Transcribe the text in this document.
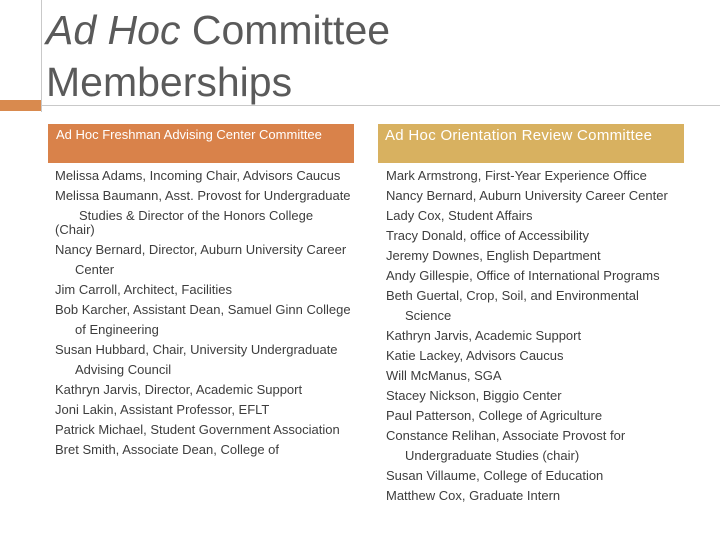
Ad Hoc Committee
Memberships
Ad Hoc Freshman Advising Center Committee	Ad Hoc Orientation Review Committee

Melissa Adams, Incoming Chair, Advisors Caucus

Melissa Baumann, Asst. Provost for Undergraduate

Studies & Director of the Honors College (Chair)

Nancy Bernard, Director, Auburn University Career

Center

Jim Carroll, Architect, Facilities

Bob Karcher, Assistant Dean, Samuel Ginn College

of Engineering

Susan Hubbard, Chair, University Undergraduate

Advising Council

Kathryn Jarvis, Director, Academic Support

Joni Lakin, Assistant Professor, EFLT

Patrick Michael, Student Government Association

Bret Smith, Associate Dean, College of

Mark Armstrong, First-Year Experience Office

Nancy Bernard, Auburn University Career Center

Lady Cox, Student Affairs

Tracy Donald, office of Accessibility

Jeremy Downes, English Department

Andy Gillespie, Office of International Programs

Beth Guertal, Crop, Soil, and Environmental

Science

Kathryn Jarvis, Academic Support

Katie Lackey, Advisors Caucus

Will McManus, SGA

Stacey Nickson, Biggio Center

Paul Patterson, College of Agriculture

Constance Relihan, Associate Provost for

Undergraduate Studies (chair)

Susan Villaume, College of Education

Matthew Cox, Graduate Intern
